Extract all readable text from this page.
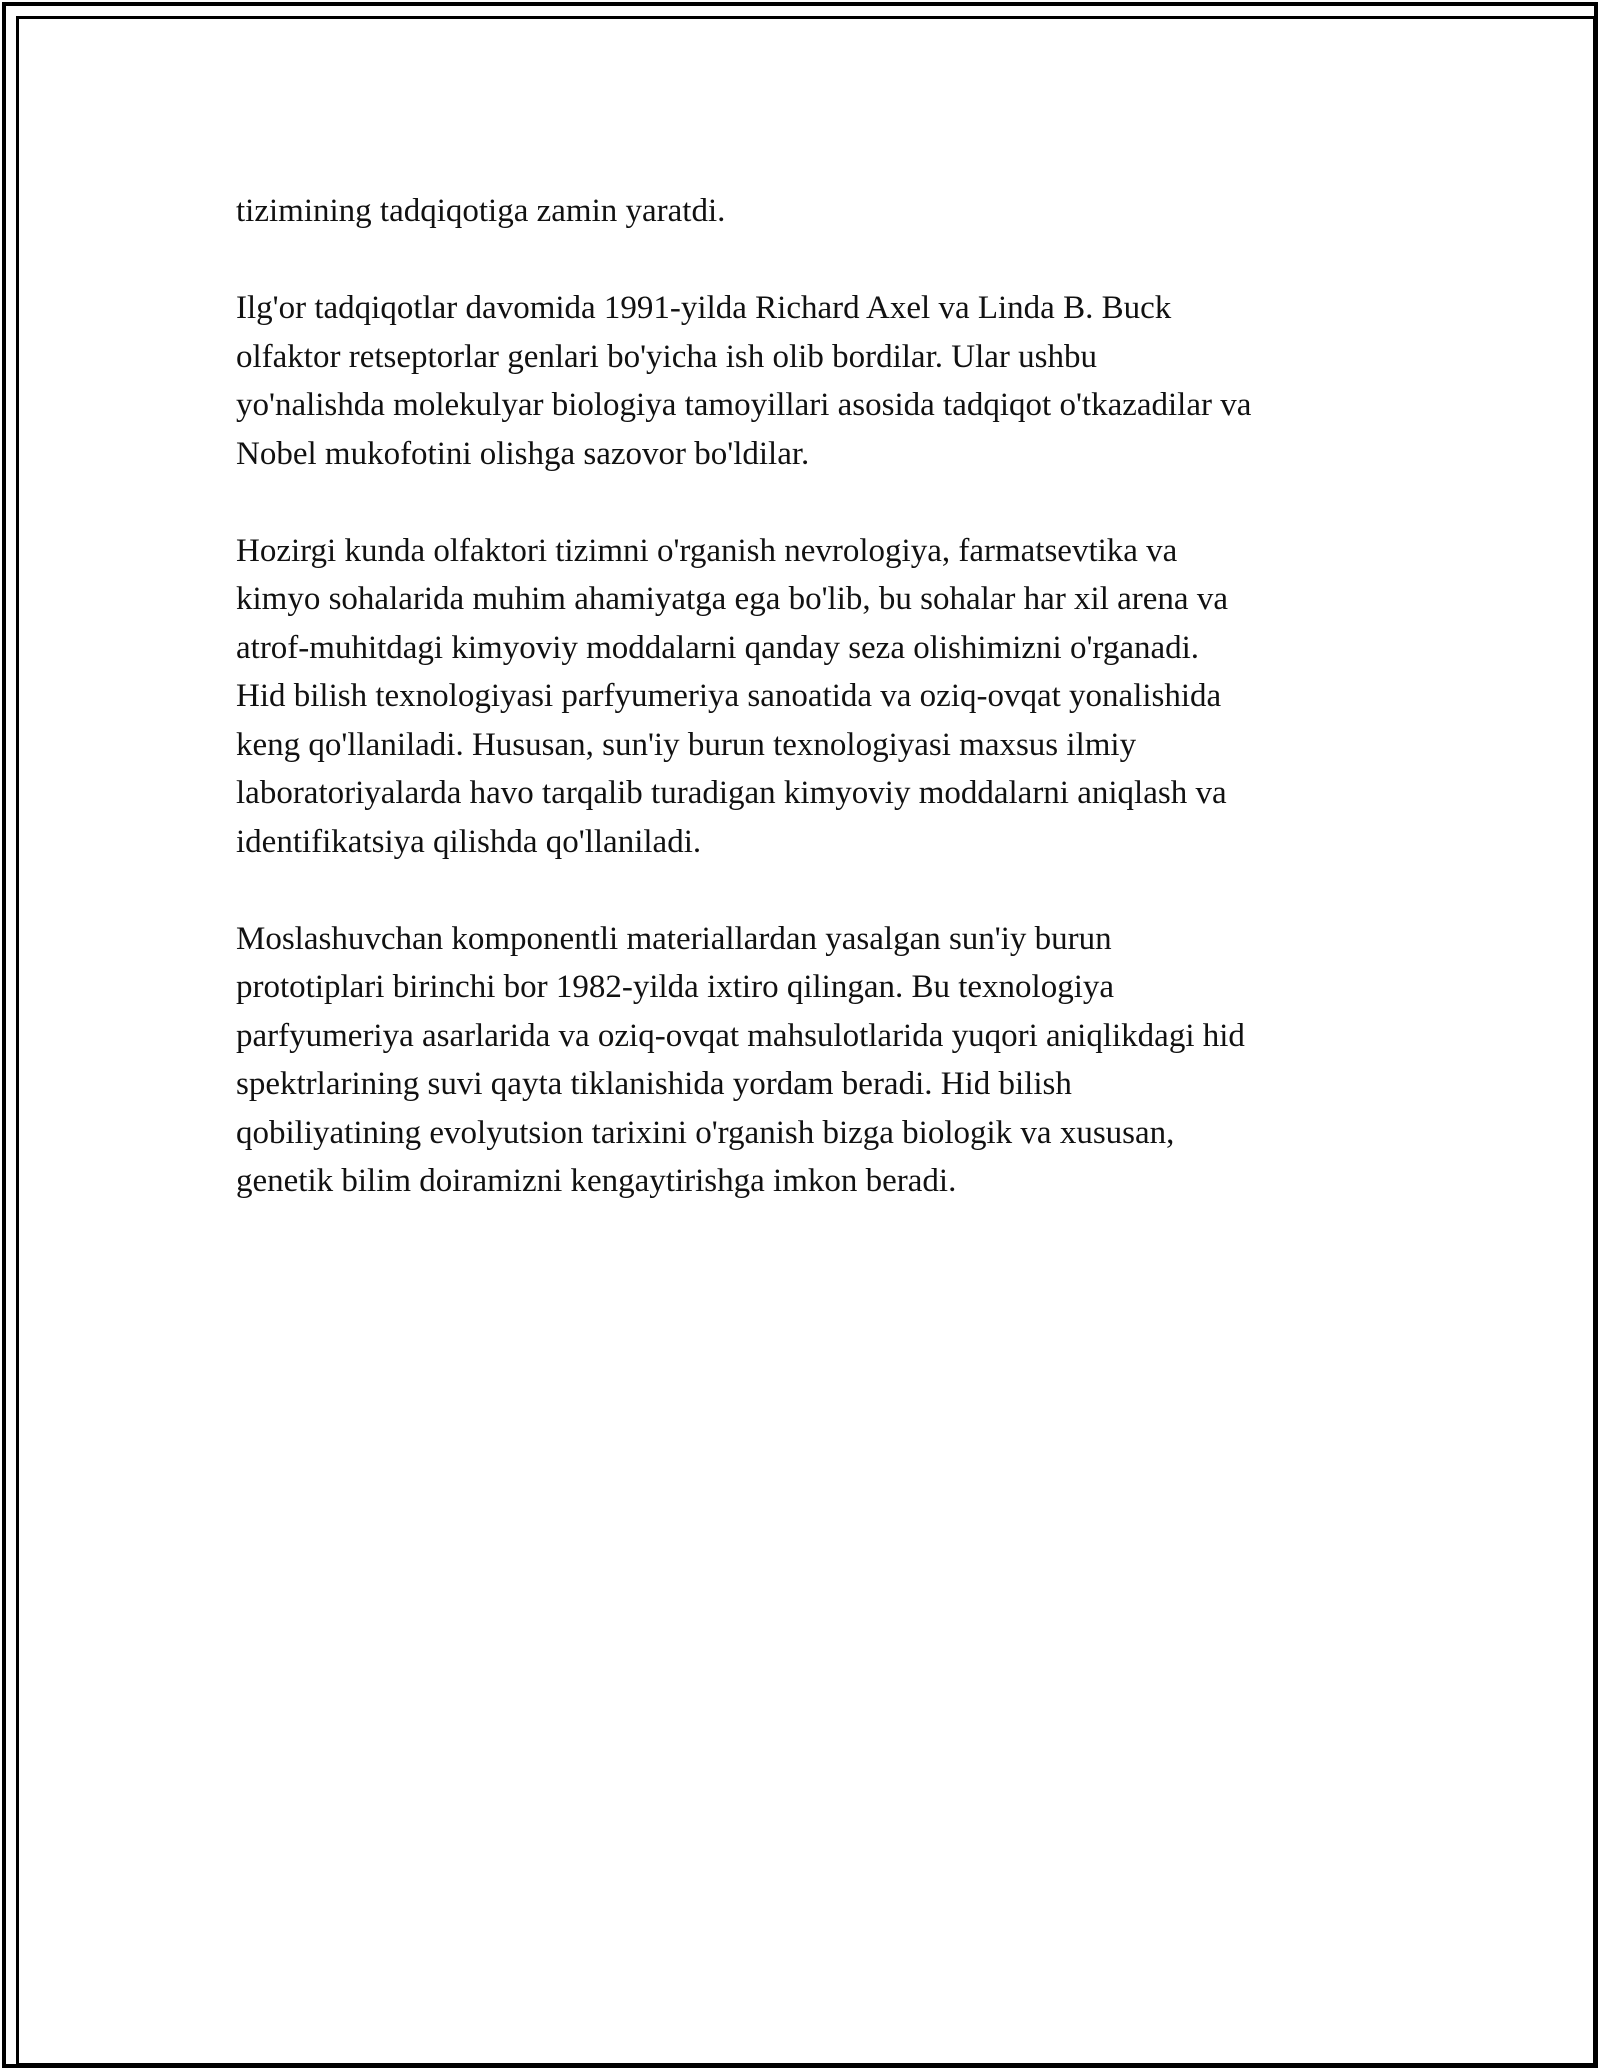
tizimining tadqiqotiga zamin yaratdi.

Ilg'or tadqiqotlar davomida 1991-yilda Richard Axel va Linda B. Buck
olfaktor retseptorlar genlari bo'yicha ish olib bordilar. Ular ushbu
yo'nalishda molekulyar biologiya tamoyillari asosida tadqiqot o'tkazadilar va
Nobel mukofotini olishga sazovor bo'ldilar.

Hozirgi kunda olfaktori tizimni o'rganish nevrologiya, farmatsevtika va
kimyo sohalarida muhim ahamiyatga ega bo'lib, bu sohalar har xil arena va
atrof-muhitdagi kimyoviy moddalarni qanday seza olishimizni o'rganadi.
Hid bilish texnologiyasi parfyumeriya sanoatida va oziq-ovqat yonalishida
keng qo'llaniladi. Hususan, sun'iy burun texnologiyasi maxsus ilmiy
laboratoriyalarda havo tarqalib turadigan kimyoviy moddalarni aniqlash va
identifikatsiya qilishda qo'llaniladi.

Moslashuvchan komponentli materiallardan yasalgan sun'iy burun
prototiplari birinchi bor 1982-yilda ixtiro qilingan. Bu texnologiya
parfyumeriya asarlarida va oziq-ovqat mahsulotlarida yuqori aniqlikdagi hid
spektrlarining suvi qayta tiklanishida yordam beradi. Hid bilish
qobiliyatining evolyutsion tarixini o'rganish bizga biologik va xususan,
genetik bilim doiramizni kengaytirishga imkon beradi.
